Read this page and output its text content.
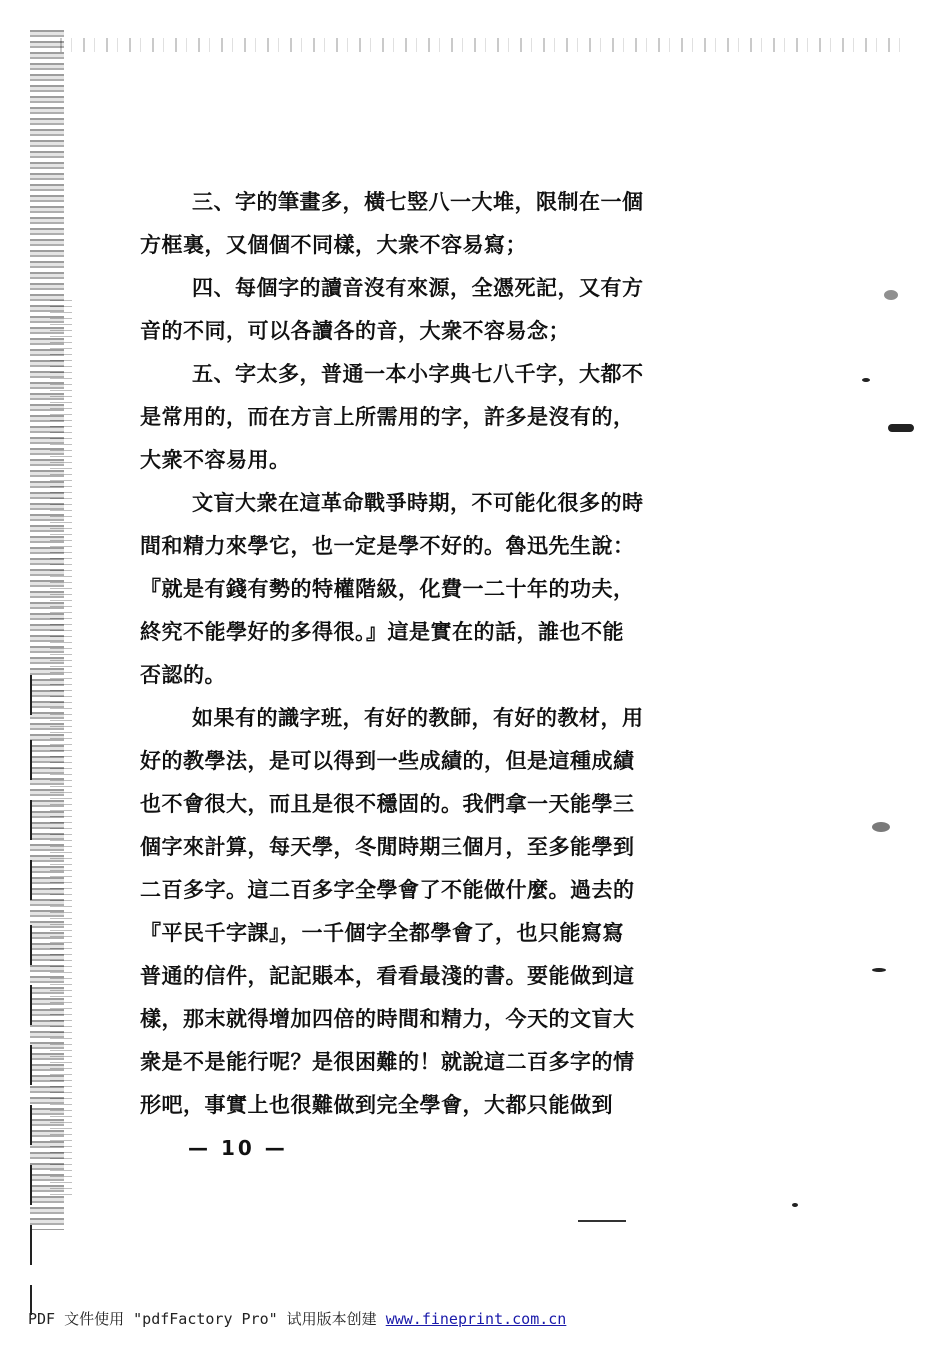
三、字的筆畫多，橫七竪八一大堆，限制在一個
方框裏，又個個不同樣，大衆不容易寫；
四、每個字的讀音沒有來源，全憑死記，又有方
音的不同，可以各讀各的音，大衆不容易念；
五、字太多，普通一本小字典七八千字，大都不
是常用的，而在方言上所需用的字，許多是沒有的，
大衆不容易用。
文盲大衆在這革命戰爭時期，不可能化很多的時
間和精力來學它，也一定是學不好的。魯迅先生說：
『就是有錢有勢的特權階級，化費一二十年的功夫，
終究不能學好的多得很。』這是實在的話，誰也不能
否認的。
如果有的識字班，有好的教師，有好的教材，用
好的教學法，是可以得到一些成績的，但是這種成績
也不會很大，而且是很不穩固的。我們拿一天能學三
個字來計算，每天學，冬閒時期三個月，至多能學到
二百多字。這二百多字全學會了不能做什麼。過去的
『平民千字課』，一千個字全都學會了，也只能寫寫
普通的信件，記記賬本，看看最淺的書。要能做到這
樣，那末就得增加四倍的時間和精力，今天的文盲大
衆是不是能行呢？是很困難的！就說這二百多字的情
形吧，事實上也很難做到完全學會，大都只能做到
— 10 —
PDF 文件使用 "pdfFactory Pro" 试用版本创建 www.fineprint.com.cn
